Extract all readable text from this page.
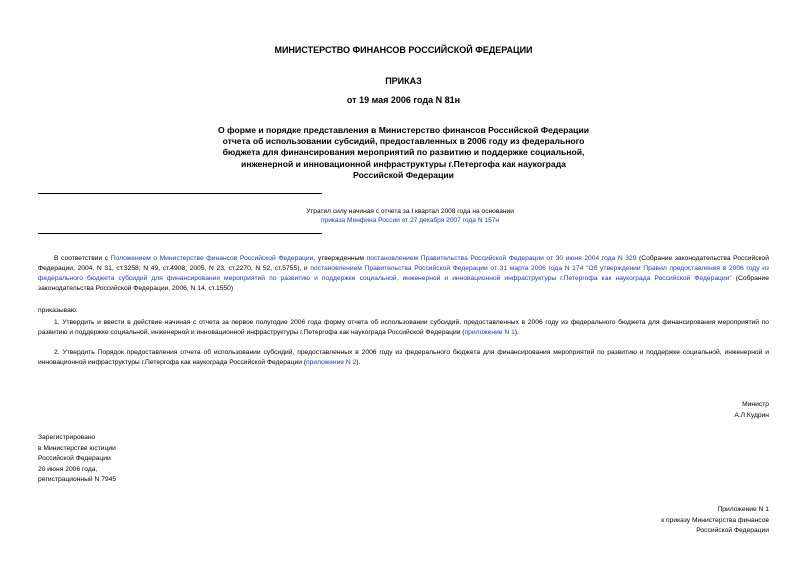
МИНИСТЕРСТВО ФИНАНСОВ РОССИЙСКОЙ ФЕДЕРАЦИИ
ПРИКАЗ
от 19 мая 2006 года N 81н
О форме и порядке представления в Министерство финансов Российской Федерации
отчета об использовании субсидий, предоставленных в 2006 году из федерального
бюджета для финансирования мероприятий по развитию и поддержке социальной,
инженерной и инновационной инфраструктуры г.Петергофа как наукограда
Российской Федерации
Утратил силу начиная с отчета за I квартал 2008 года на основании
приказа Минфина России от 27 декабря 2007 года N 157н

В соответствии с Положением о Министерстве финансов Российской Федерации, утвержденным постановлением Правительства Российской Федерации от 30 июня 2004 года N 329 (Собрание законодательства Российской Федерации, 2004, N 31, ст.3258; N 49, ст.4908; 2005, N 23, ст.2270, N 52, ст.5755), и постановлением Правительства Российской Федерации от 31 марта 2006 года N 174 "Об утверждении Правил предоставления в 2006 году из федерального бюджета субсидий для финансирования мероприятий по развитию и поддержке социальной, инженерной и инновационной инфраструктуры г.Петергофа как наукограда Российской Федерации" (Собрание законодательства Российской Федерации, 2006, N 14, ст.1550)

приказываю:

1. Утвердить и ввести в действие начиная с отчета за первое полугодие 2006 года форму отчета об использовании субсидий, предоставленных в 2006 году из федерального бюджета для финансирования мероприятий по развитию и поддержке социальной, инженерной и инновационной инфраструктуры г.Петергофа как наукограда Российской Федерации (приложение N 1).

2. Утвердить Порядок предоставления отчета об использовании субсидий, предоставленных в 2006 году из федерального бюджета для финансирования мероприятий по развитию и поддержке социальной, инженерной и инновационной инфраструктуры г.Петергофа как наукограда Российской Федерации (приложение N 2).

Министр
А.Л.Кудрин
Зарегистрировано
в Министерстве юстиции
Российской Федерации
20 июня 2006 года,
регистрационный N 7945
Приложение N 1
к приказу Министерства финансов
Российской Федерации
